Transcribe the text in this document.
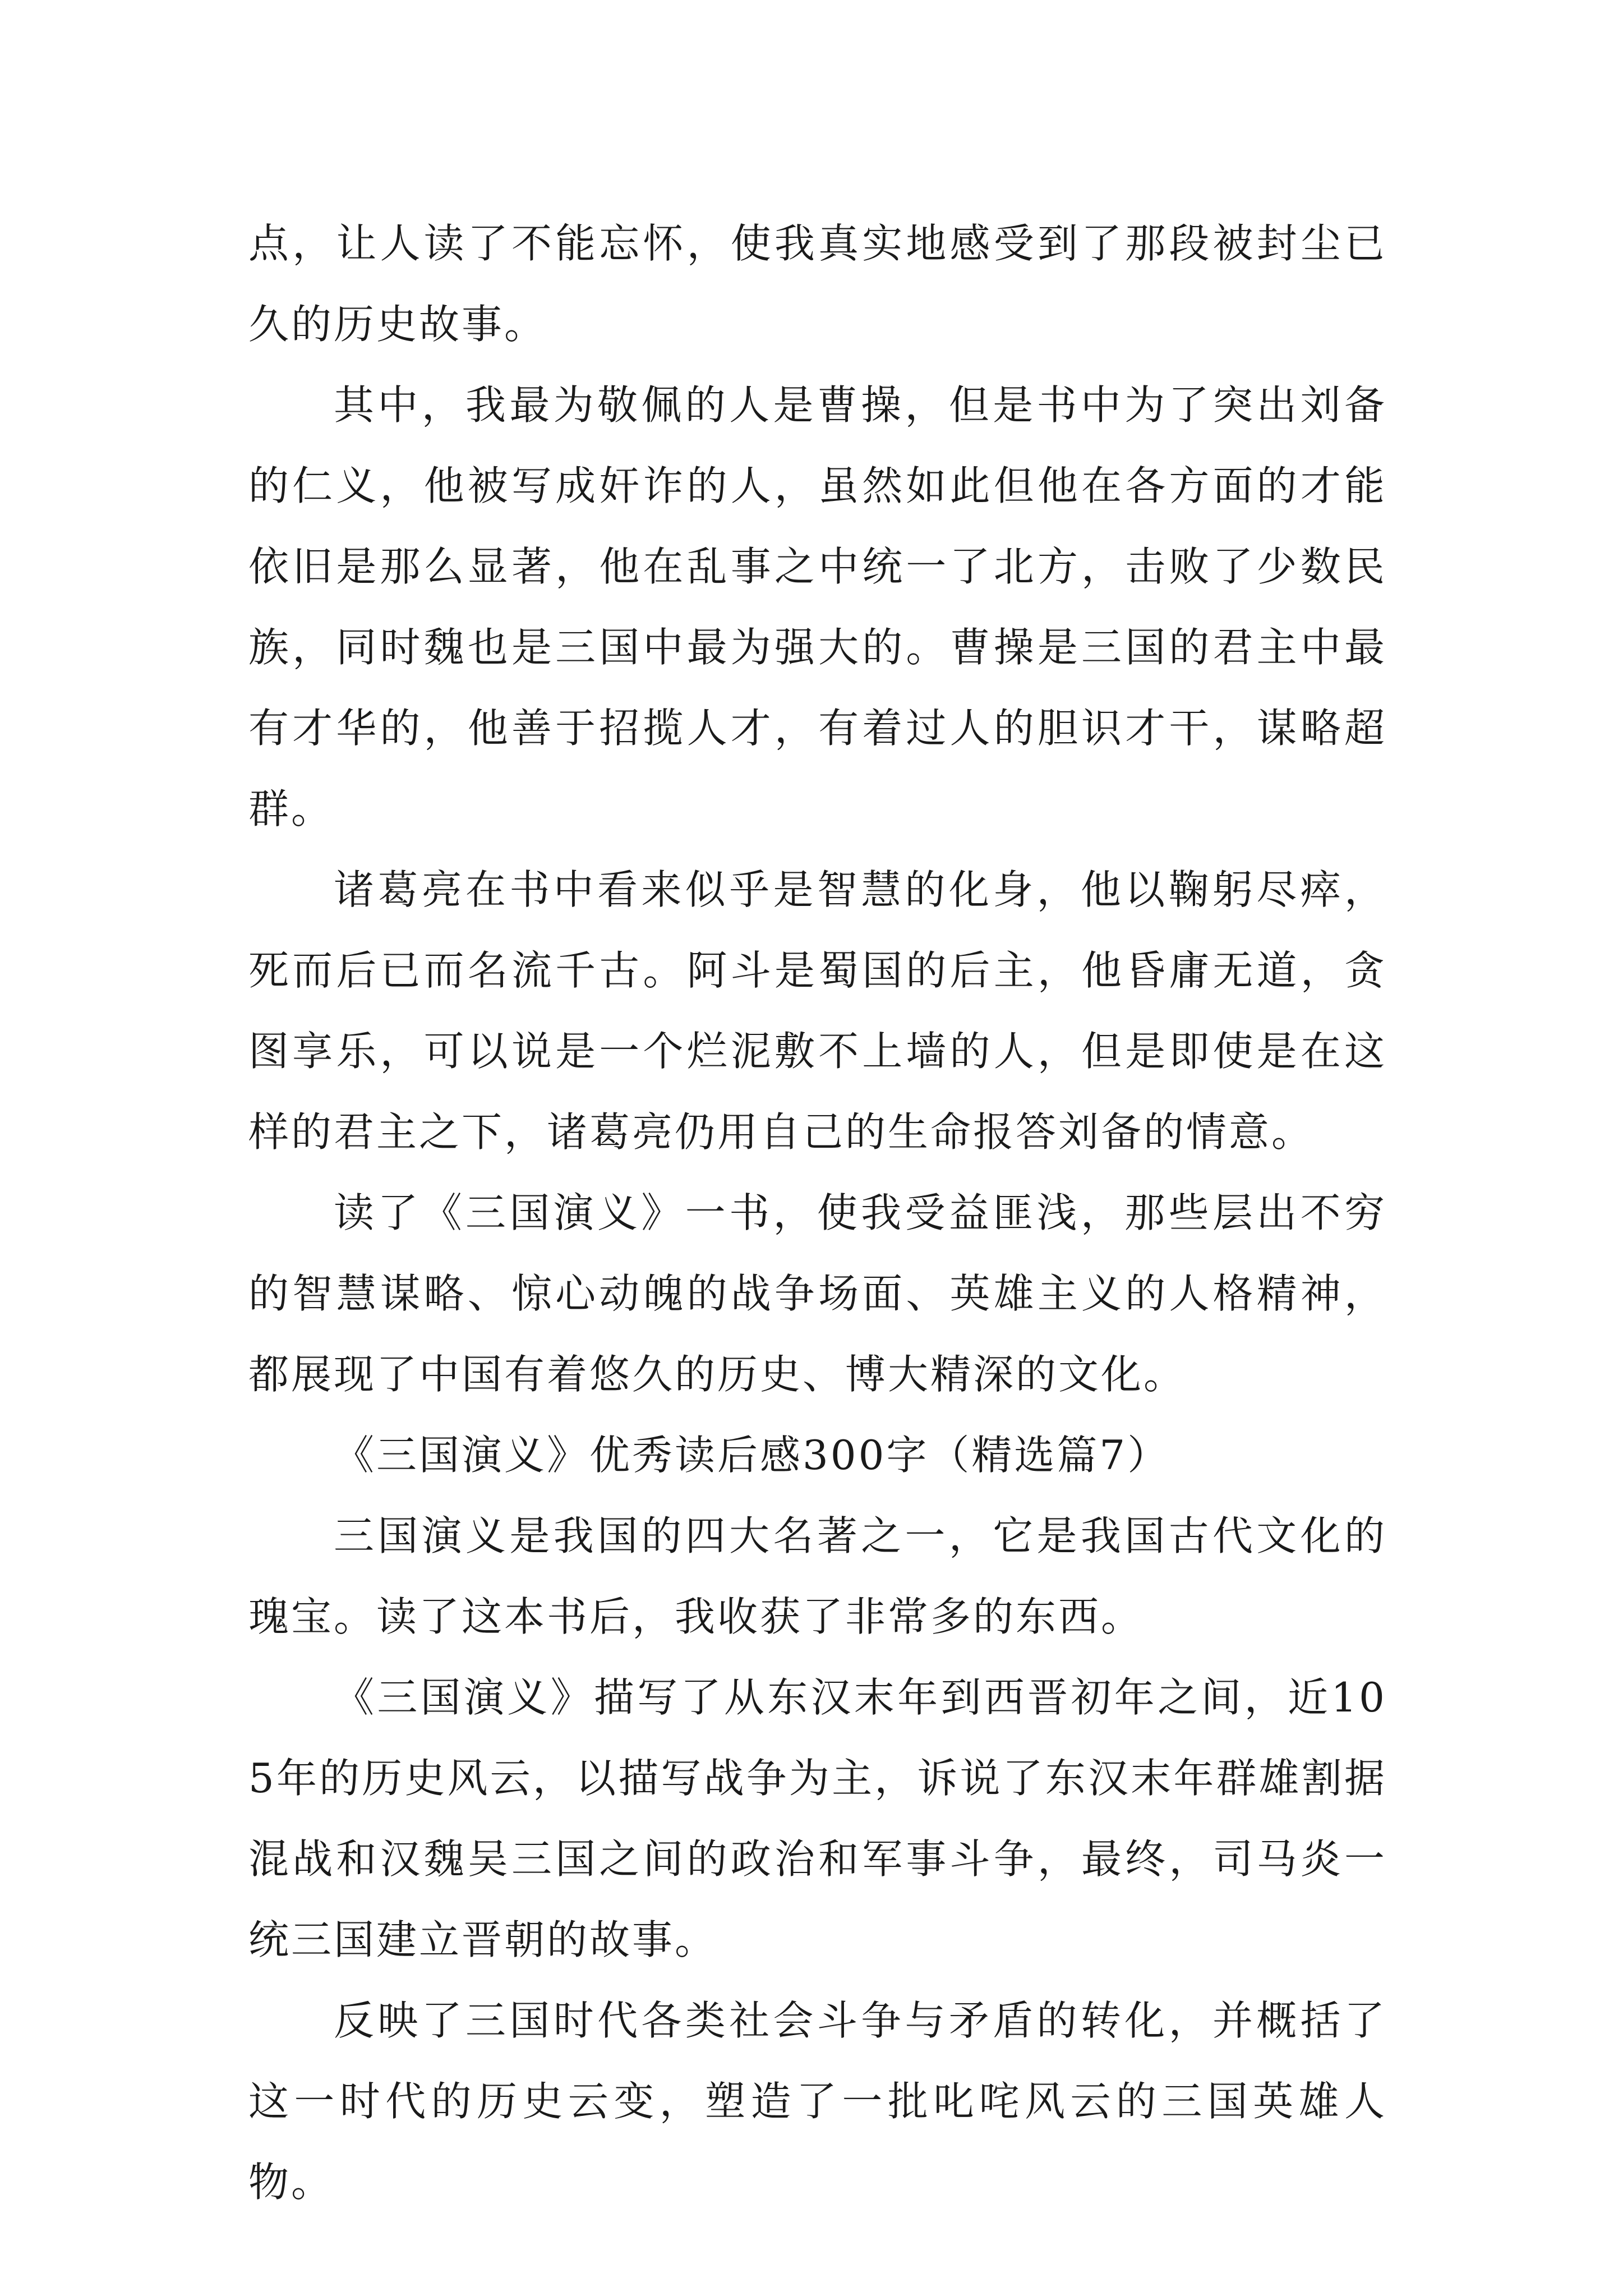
点，让人读了不能忘怀，使我真实地感受到了那段被封尘已久的历史故事。

其中，我最为敬佩的人是曹操，但是书中为了突出刘备的仁义，他被写成奸诈的人，虽然如此但他在各方面的才能依旧是那么显著，他在乱事之中统一了北方，击败了少数民族，同时魏也是三国中最为强大的。曹操是三国的君主中最有才华的，他善于招揽人才，有着过人的胆识才干，谋略超群。

诸葛亮在书中看来似乎是智慧的化身，他以鞠躬尽瘁，死而后已而名流千古。阿斗是蜀国的后主，他昏庸无道，贪图享乐，可以说是一个烂泥敷不上墙的人，但是即使是在这样的君主之下，诸葛亮仍用自己的生命报答刘备的情意。

读了《三国演义》一书，使我受益匪浅，那些层出不穷的智慧谋略、惊心动魄的战争场面、英雄主义的人格精神，都展现了中国有着悠久的历史、博大精深的文化。

《三国演义》优秀读后感300字（精选篇7）

三国演义是我国的四大名著之一，它是我国古代文化的瑰宝。读了这本书后，我收获了非常多的东西。

《三国演义》描写了从东汉末年到西晋初年之间，近105年的历史风云，以描写战争为主，诉说了东汉末年群雄割据混战和汉魏吴三国之间的政治和军事斗争，最终，司马炎一统三国建立晋朝的故事。

反映了三国时代各类社会斗争与矛盾的转化，并概括了这一时代的历史云变，塑造了一批叱咤风云的三国英雄人物。
